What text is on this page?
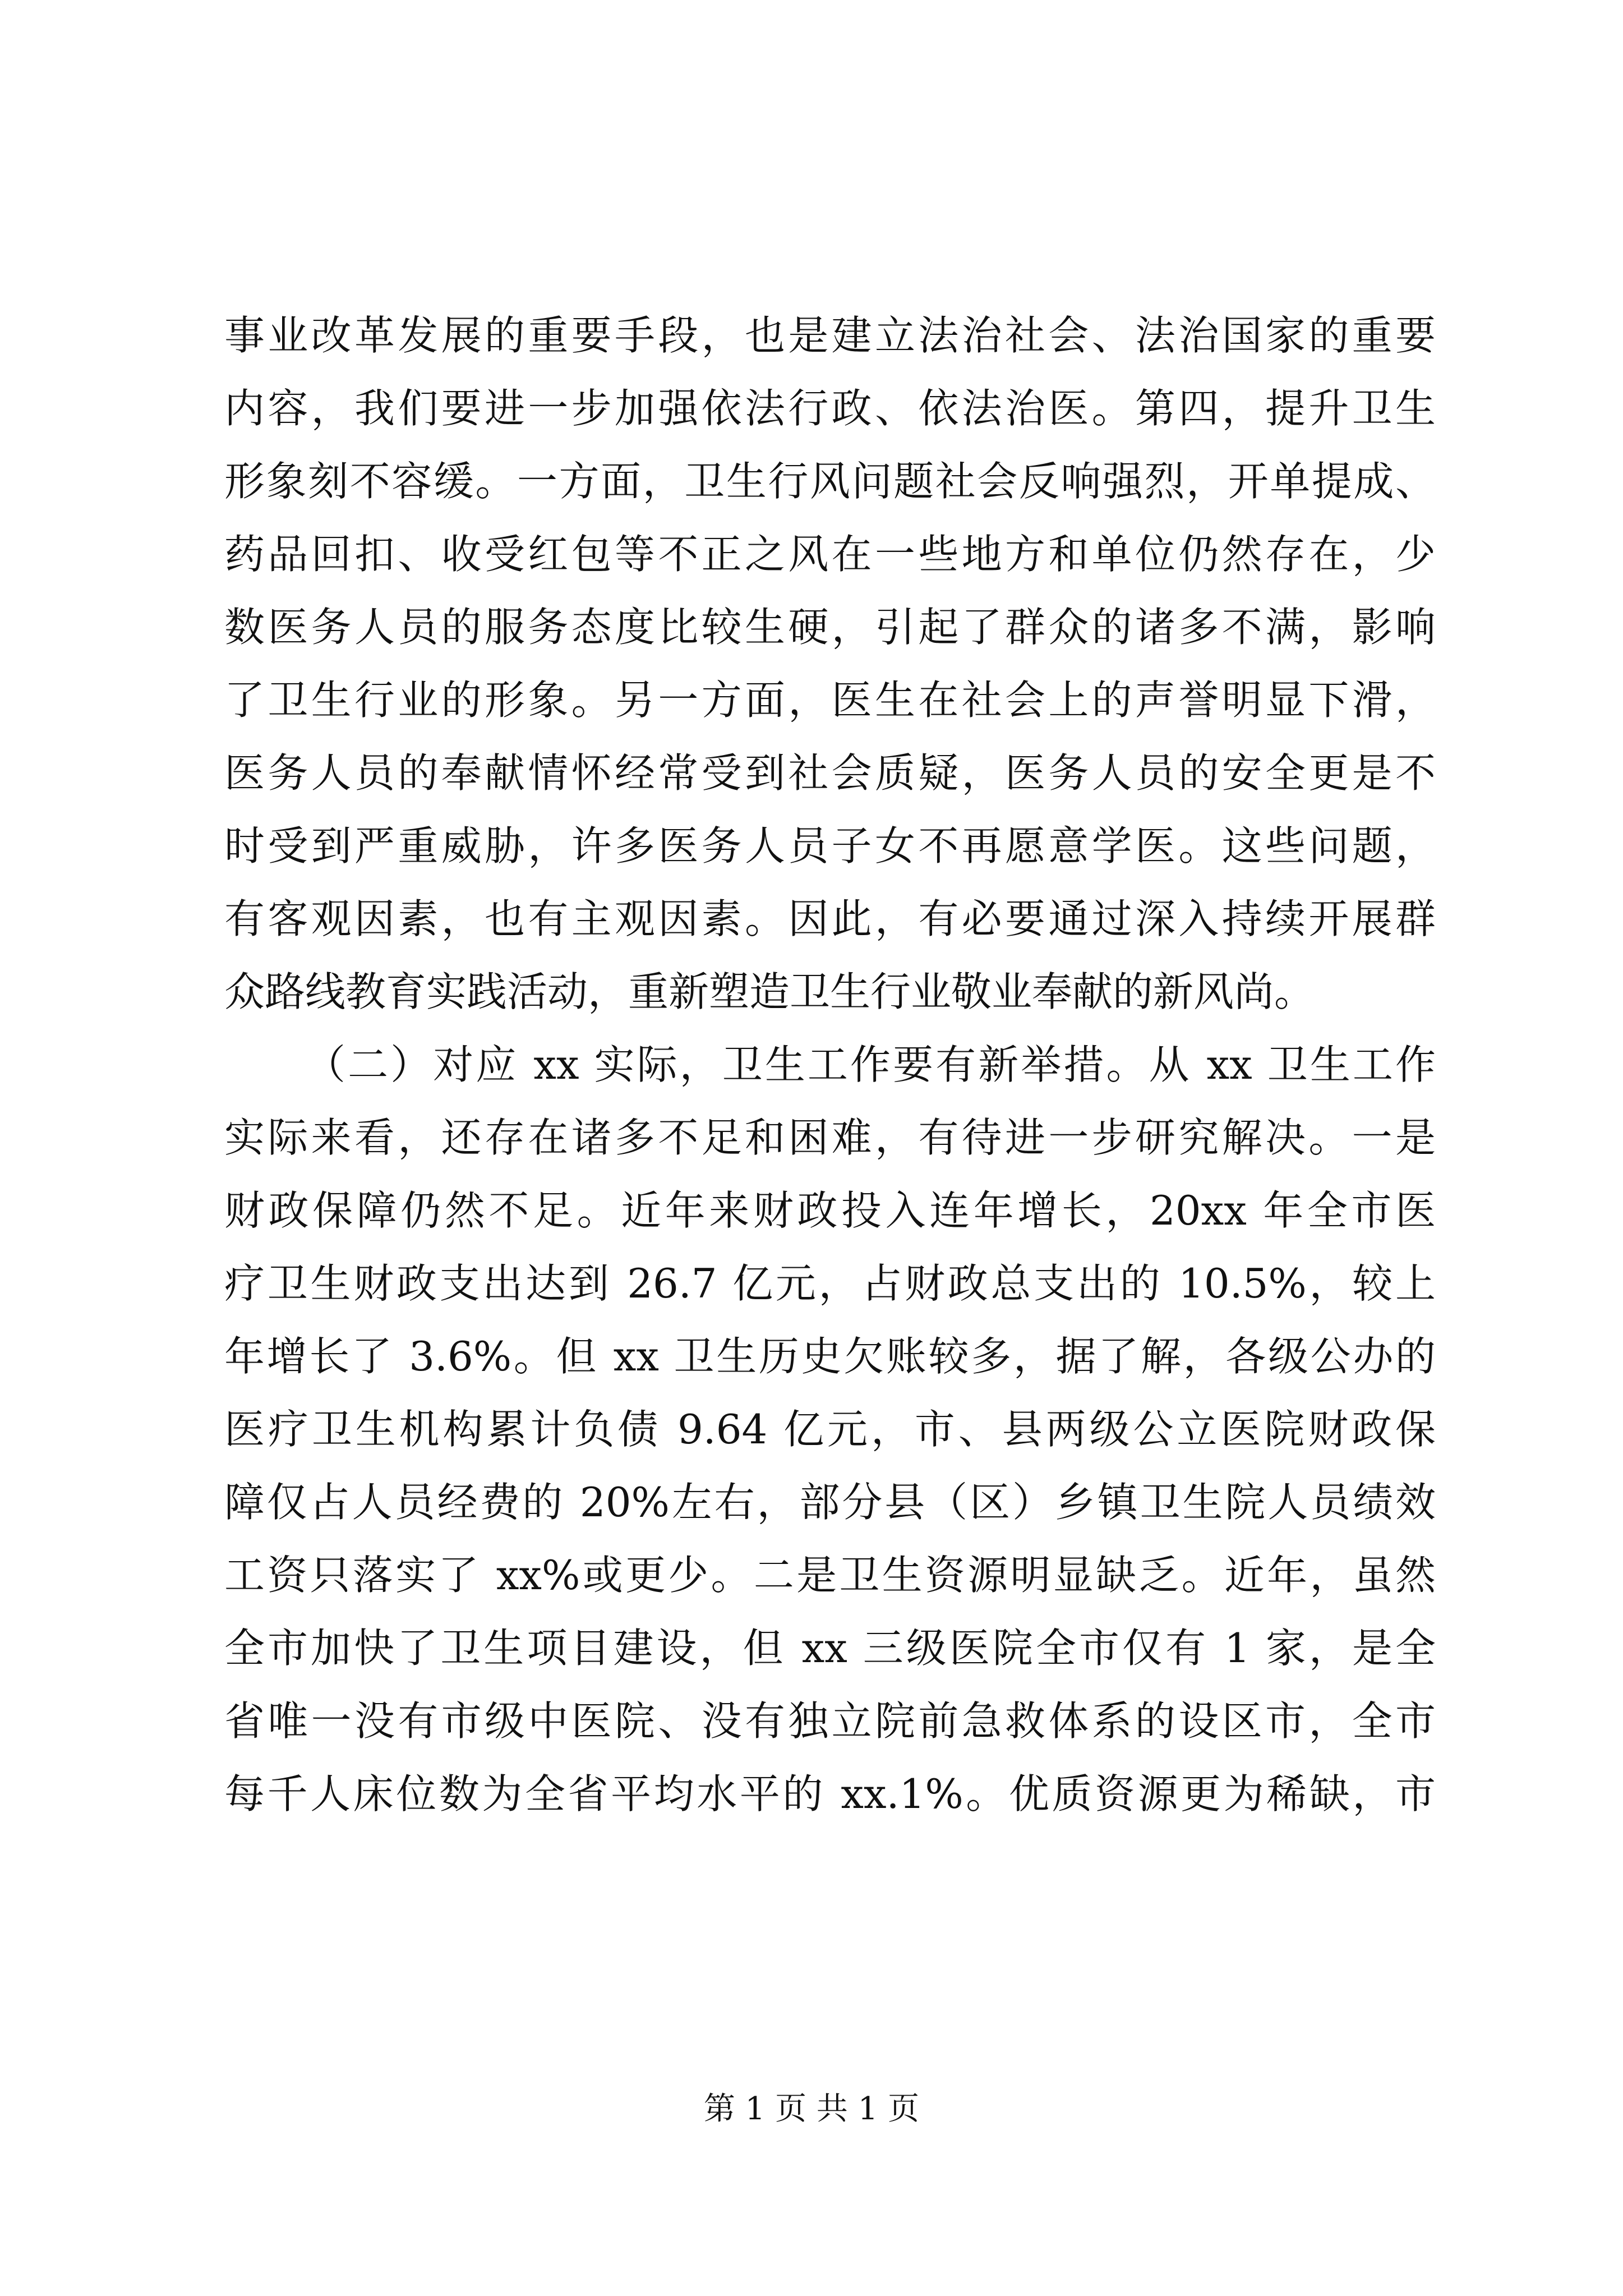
事业改革发展的重要手段，也是建立法治社会、法治国家的重要
内容，我们要进一步加强依法行政、依法治医。第四，提升卫生
形象刻不容缓。一方面，卫生行风问题社会反响强烈，开单提成、
药品回扣、收受红包等不正之风在一些地方和单位仍然存在，少
数医务人员的服务态度比较生硬，引起了群众的诸多不满，影响
了卫生行业的形象。另一方面，医生在社会上的声誉明显下滑，
医务人员的奉献情怀经常受到社会质疑，医务人员的安全更是不
时受到严重威胁，许多医务人员子女不再愿意学医。这些问题，
有客观因素，也有主观因素。因此，有必要通过深入持续开展群
众路线教育实践活动，重新塑造卫生行业敬业奉献的新风尚。
（二）对应 xx 实际，卫生工作要有新举措。从 xx 卫生工作
实际来看，还存在诸多不足和困难，有待进一步研究解决。一是
财政保障仍然不足。近年来财政投入连年增长，20xx 年全市医
疗卫生财政支出达到 26.7 亿元，占财政总支出的 10.5%，较上
年增长了 3.6%。但 xx 卫生历史欠账较多，据了解，各级公办的
医疗卫生机构累计负债 9.64 亿元，市、县两级公立医院财政保
障仅占人员经费的 20%左右，部分县（区）乡镇卫生院人员绩效
工资只落实了 xx%或更少。二是卫生资源明显缺乏。近年，虽然
全市加快了卫生项目建设，但 xx 三级医院全市仅有 1 家，是全
省唯一没有市级中医院、没有独立院前急救体系的设区市，全市
每千人床位数为全省平均水平的 xx.1%。优质资源更为稀缺，市
第 1 页 共 1 页
